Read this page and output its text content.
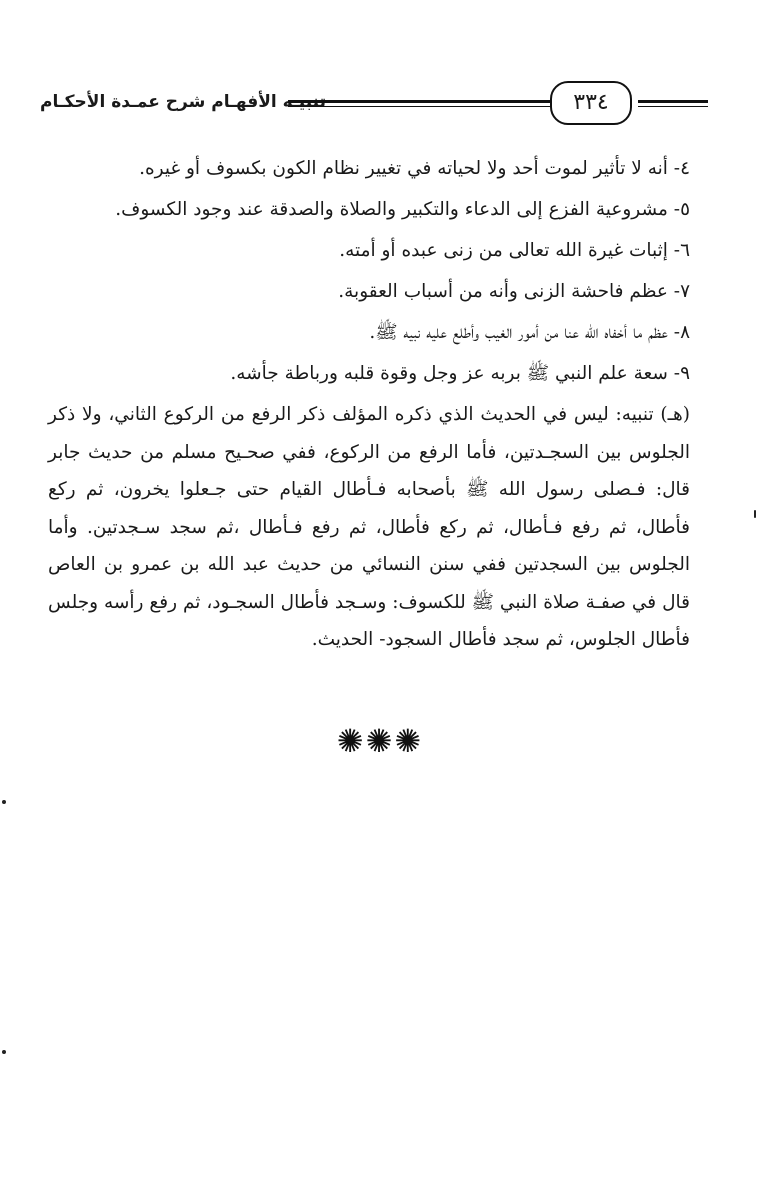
تنبيـه الأفهـام شرح عمـدة الأحكـام	٣٣٤
٤- أنه لا تأثير لموت أحد ولا لحياته في تغيير نظام الكون بكسوف أو غيره.
٥- مشروعية الفزع إلى الدعاء والتكبير والصلاة والصدقة عند وجود الكسوف.
٦- إثبات غيرة الله تعالى من زنى عبده أو أمته.
٧- عظم فاحشة الزنى وأنه من أسباب العقوبة.
٨- عظم ما أخفاه الله عنا من أمور الغيب وأطلع عليه نبيه ﷺ.
٩- سعة علم النبي ﷺ بربه عز وجل وقوة قلبه ورباطة جأشه.
(هـ) تنبيه: ليس في الحديث الذي ذكره المؤلف ذكر الرفع من الركوع الثاني، ولا ذكر الجلوس بين السجـدتين، فأما الرفع من الركوع، ففي صحـيح مسلم من حديث جابر قال: فـصلى رسول الله ﷺ بأصحابه فـأطال القيام حتى جـعلوا يخرون، ثم ركع فأطال، ثم رفع فـأطال، ثم ركع فأطال، ثم رفع فـأطال ،ثم سجد سـجدتين. وأما الجلوس بين السجدتين ففي سنن النسائي من حديث عبد الله بن عمرو بن العاص قال في صفـة صلاة النبي ﷺ للكسوف: وسـجد فأطال السجـود، ثم رفع رأسه وجلس فأطال الجلوس، ثم سجد فأطال السجود- الحديث.
✺✺✺
